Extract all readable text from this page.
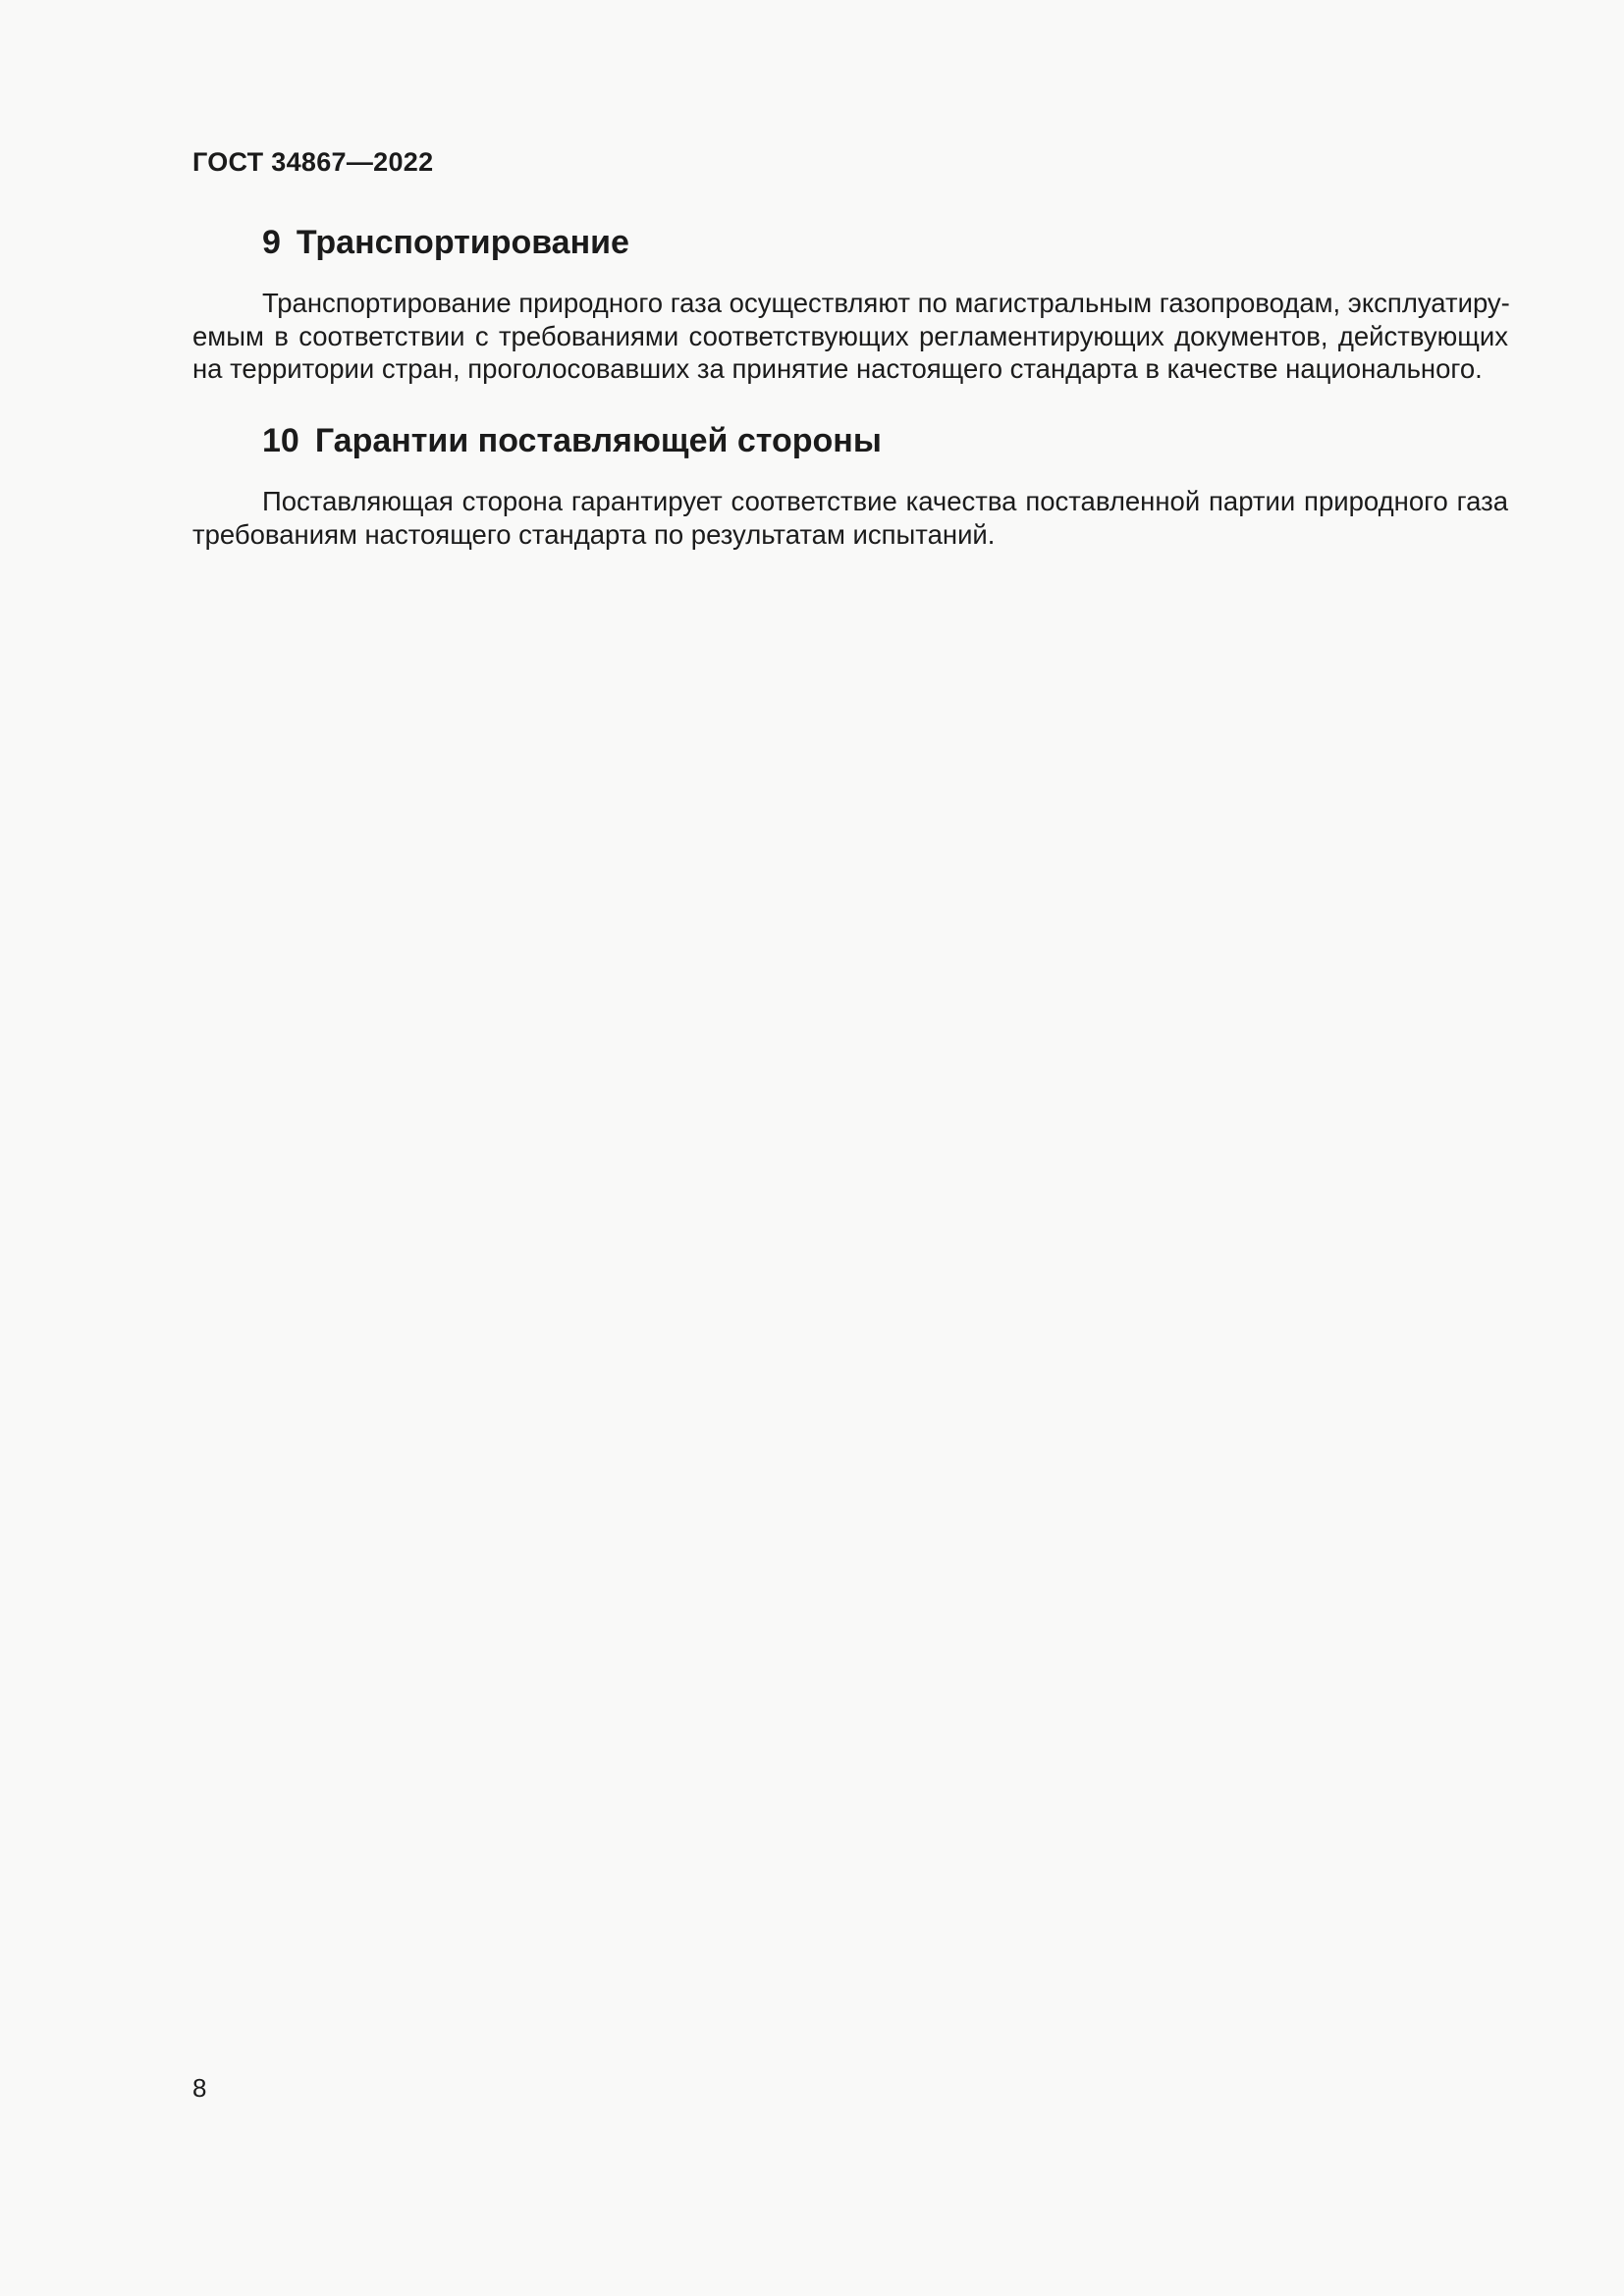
ГОСТ 34867—2022
9 Транспортирование
Транспортирование природного газа осуществляют по магистральным газопроводам, эксплуатиру-
емым в соответствии с требованиями соответствующих регламентирующих документов, действующих
на территории стран, проголосовавших за принятие настоящего стандарта в качестве национального.
10 Гарантии поставляющей стороны
Поставляющая сторона гарантирует соответствие качества поставленной партии природного газа
требованиям настоящего стандарта по результатам испытаний.
8
